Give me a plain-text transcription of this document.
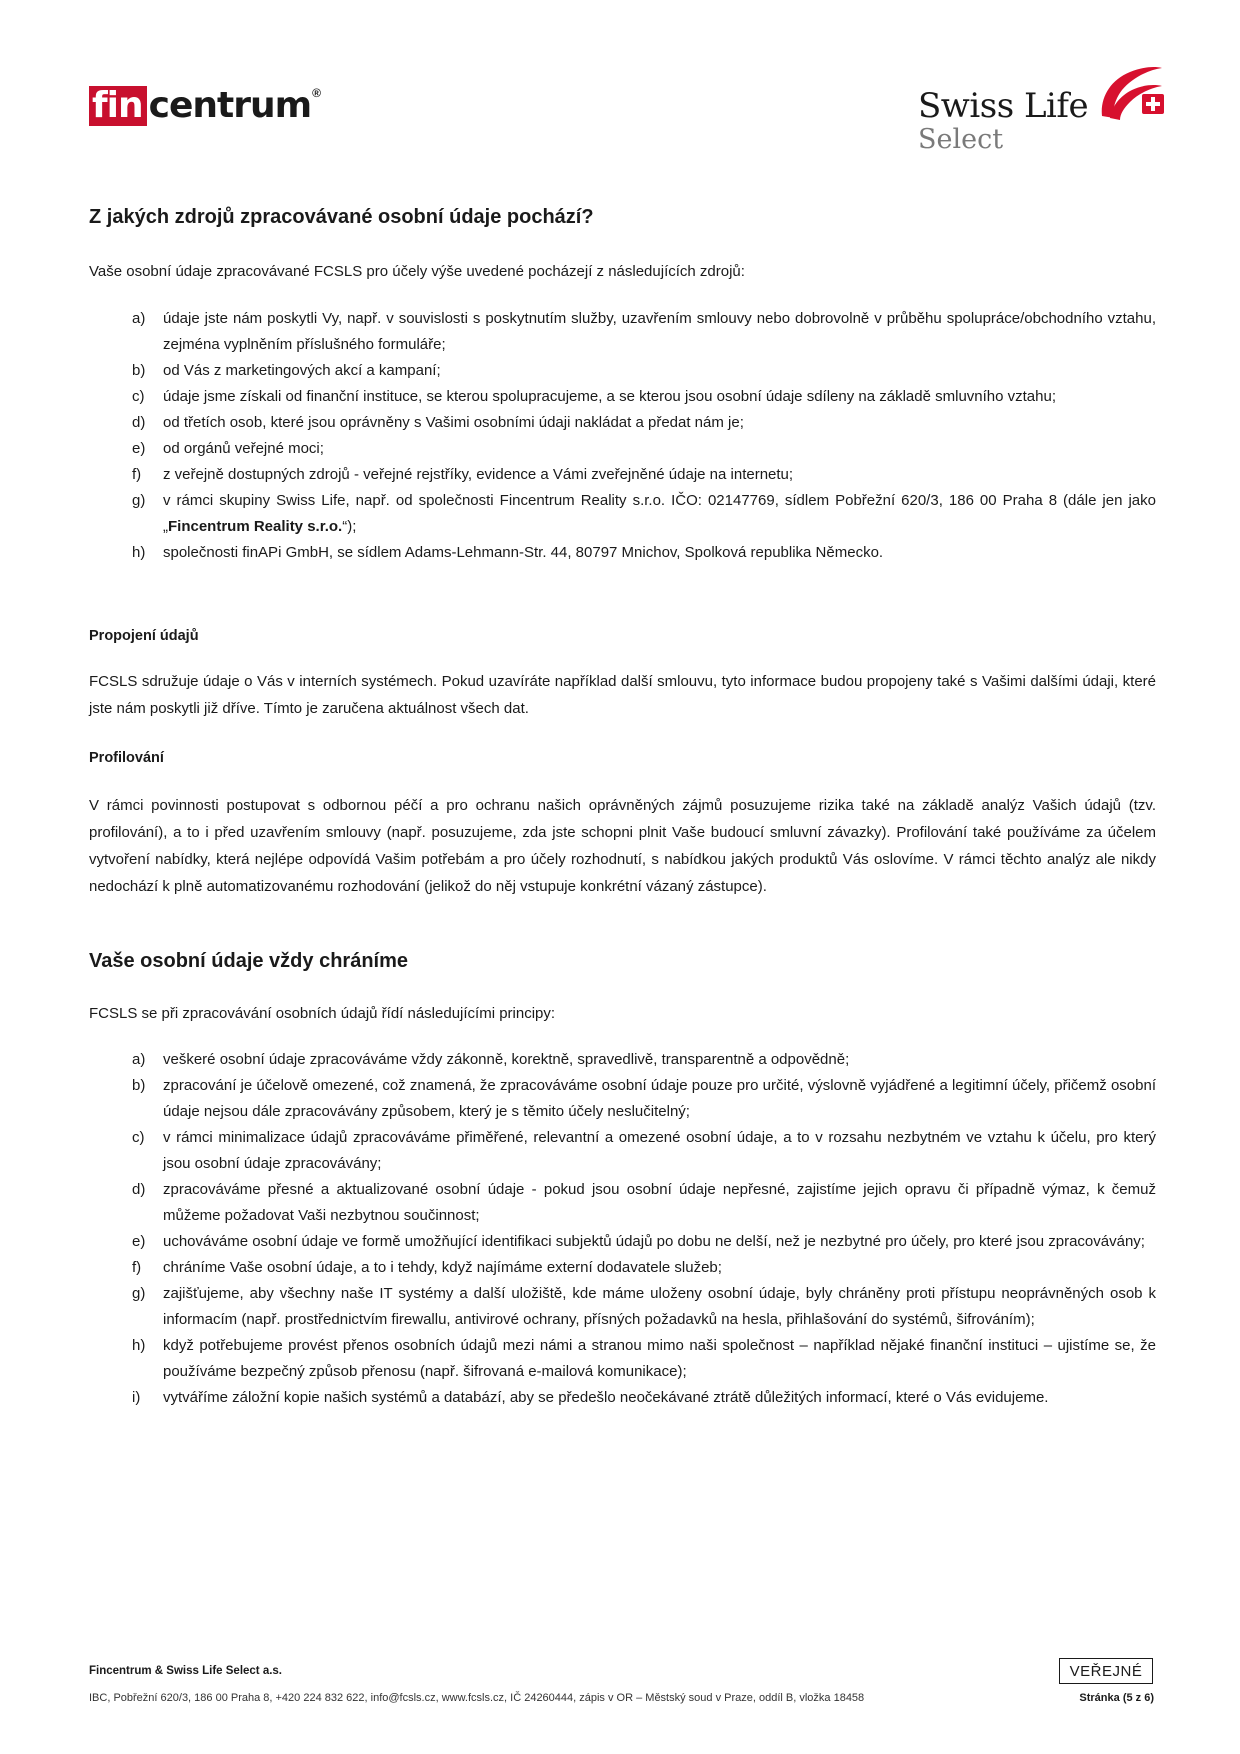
fin centrum ®	Swiss Life
Select
Z jakých zdrojů zpracovávané osobní údaje pochází?

Vaše osobní údaje zpracovávané FCSLS pro účely výše uvedené pocházejí z následujících zdrojů:

a) údaje jste nám poskytli Vy, např. v souvislosti s poskytnutím služby, uzavřením smlouvy nebo dobrovolně v průběhu spolupráce/obchodního vztahu, zejména vyplněním příslušného formuláře;
b) od Vás z marketingových akcí a kampaní;
c) údaje jsme získali od finanční instituce, se kterou spolupracujeme, a se kterou jsou osobní údaje sdíleny na základě smluvního vztahu;
d) od třetích osob, které jsou oprávněny s Vašimi osobními údaji nakládat a předat nám je;
e) od orgánů veřejné moci;
f) z veřejně dostupných zdrojů - veřejné rejstříky, evidence a Vámi zveřejněné údaje na internetu;
g) v rámci skupiny Swiss Life, např. od společnosti Fincentrum Reality s.r.o. IČO: 02147769, sídlem Pobřežní 620/3, 186 00 Praha 8 (dále jen jako „Fincentrum Reality s.r.o.“);
h) společnosti finAPi GmbH, se sídlem Adams-Lehmann-Str. 44, 80797 Mnichov, Spolková republika Německo.
Propojení údajů

FCSLS sdružuje údaje o Vás v interních systémech. Pokud uzavíráte například další smlouvu, tyto informace budou propojeny také s Vašimi dalšími údaji, které jste nám poskytli již dříve. Tímto je zaručena aktuálnost všech dat.

Profilování

V rámci povinnosti postupovat s odbornou péčí a pro ochranu našich oprávněných zájmů posuzujeme rizika také na základě analýz Vašich údajů (tzv. profilování), a to i před uzavřením smlouvy (např. posuzujeme, zda jste schopni plnit Vaše budoucí smluvní závazky). Profilování také používáme za účelem vytvoření nabídky, která nejlépe odpovídá Vašim potřebám a pro účely rozhodnutí, s nabídkou jakých produktů Vás oslovíme. V rámci těchto analýz ale nikdy nedochází k plně automatizovanému rozhodování (jelikož do něj vstupuje konkrétní vázaný zástupce).

Vaše osobní údaje vždy chráníme

FCSLS se při zpracovávání osobních údajů řídí následujícími principy:

a) veškeré osobní údaje zpracováváme vždy zákonně, korektně, spravedlivě, transparentně a odpovědně;
b) zpracování je účelově omezené, což znamená, že zpracováváme osobní údaje pouze pro určité, výslovně vyjádřené a legitimní účely, přičemž osobní údaje nejsou dále zpracovávány způsobem, který je s těmito účely neslučitelný;
c) v rámci minimalizace údajů zpracováváme přiměřené, relevantní a omezené osobní údaje, a to v rozsahu nezbytném ve vztahu k účelu, pro který jsou osobní údaje zpracovávány;
d) zpracováváme přesné a aktualizované osobní údaje - pokud jsou osobní údaje nepřesné, zajistíme jejich opravu či případně výmaz, k čemuž můžeme požadovat Vaši nezbytnou součinnost;
e) uchováváme osobní údaje ve formě umožňující identifikaci subjektů údajů po dobu ne delší, než je nezbytné pro účely, pro které jsou zpracovávány;
f) chráníme Vaše osobní údaje, a to i tehdy, když najímáme externí dodavatele služeb;
g) zajišťujeme, aby všechny naše IT systémy a další uložiště, kde máme uloženy osobní údaje, byly chráněny proti přístupu neoprávněných osob k informacím (např. prostřednictvím firewallu, antivirové ochrany, přísných požadavků na hesla, přihlašování do systémů, šifrováním);
h) když potřebujeme provést přenos osobních údajů mezi námi a stranou mimo naši společnost – například nějaké finanční instituci – ujistíme se, že používáme bezpečný způsob přenosu (např. šifrovaná e-mailová komunikace);
i) vytváříme záložní kopie našich systémů a databází, aby se předešlo neočekávané ztrátě důležitých informací, které o Vás evidujeme.
Fincentrum & Swiss Life Select a.s.
IBC, Pobřežní 620/3, 186 00 Praha 8, +420 224 832 622, info@fcsls.cz, www.fcsls.cz, IČ 24260444, zápis v OR – Městský soud v Praze, oddíl B, vložka 18458
VEŘEJNÉ
Stránka (5 z 6)
